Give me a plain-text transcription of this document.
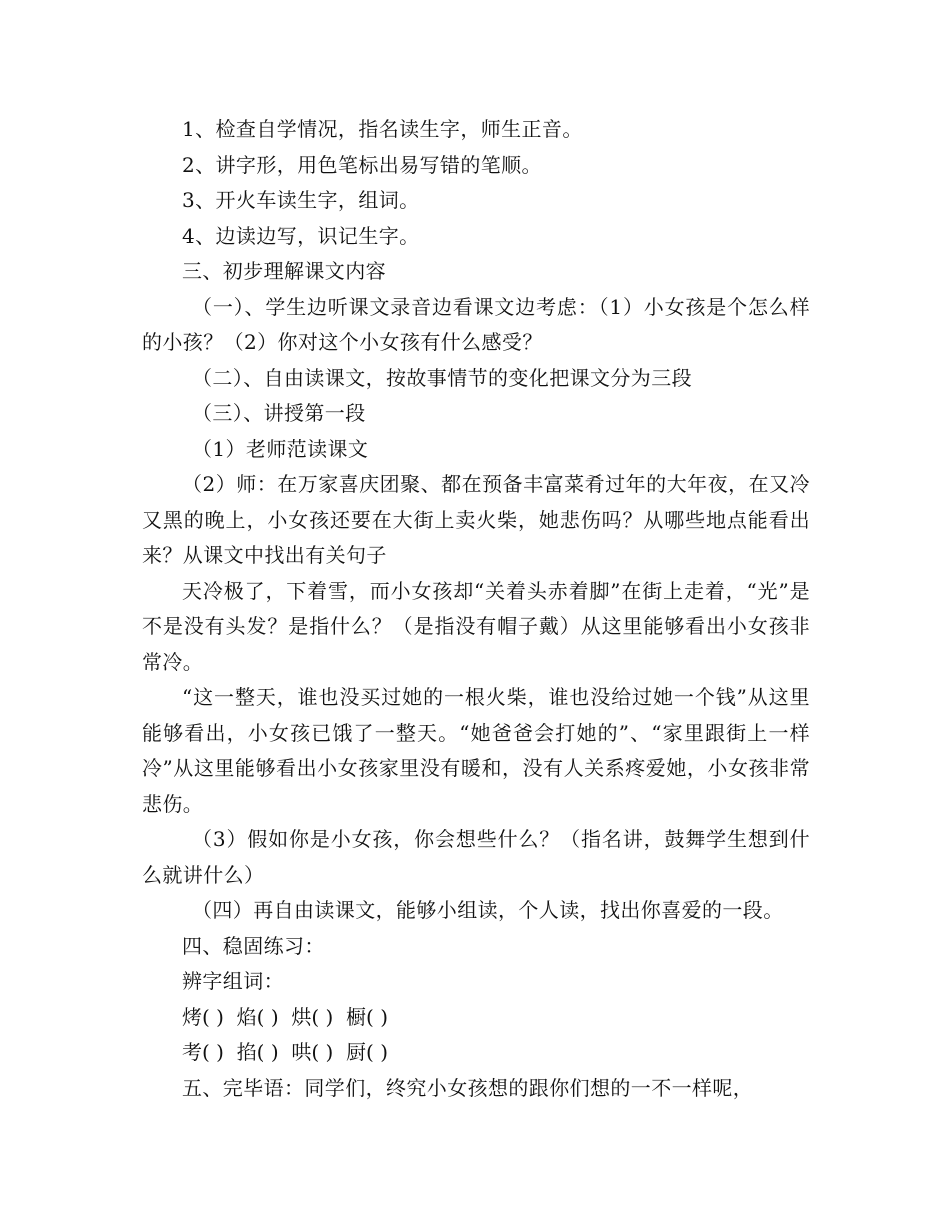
1、检查自学情况，指名读生字，师生正音。

2、讲字形，用色笔标出易写错的笔顺。

3、开火车读生字，组词。

4、边读边写，识记生字。

三、初步理解课文内容

（一）、学生边听课文录音边看课文边考虑：（1）小女孩是个怎么样的小孩？（2）你对这个小女孩有什么感受？

（二）、自由读课文，按故事情节的变化把课文分为三段

（三）、讲授第一段

（1）老师范读课文

（2）师：在万家喜庆团聚、都在预备丰富菜肴过年的大年夜，在又冷又黑的晚上，小女孩还要在大街上卖火柴，她悲伤吗？从哪些地点能看出来？从课文中找出有关句子

天冷极了，下着雪，而小女孩却“关着头赤着脚”在街上走着，“光”是不是没有头发？是指什么？（是指没有帽子戴）从这里能够看出小女孩非常冷。

“这一整天，谁也没买过她的一根火柴，谁也没给过她一个钱”从这里能够看出，小女孩已饿了一整天。“她爸爸会打她的”、“家里跟街上一样冷”从这里能够看出小女孩家里没有暖和，没有人关系疼爱她，小女孩非常悲伤。

（3）假如你是小女孩，你会想些什么？（指名讲，鼓舞学生想到什么就讲什么）

（四）再自由读课文，能够小组读，个人读，找出你喜爱的一段。

四、稳固练习：

辨字组词：

烤( )  焰( )  烘( )  橱( )

考( )  掐( )  哄( )  厨( )

五、完毕语：同学们，终究小女孩想的跟你们想的一不一样呢，
